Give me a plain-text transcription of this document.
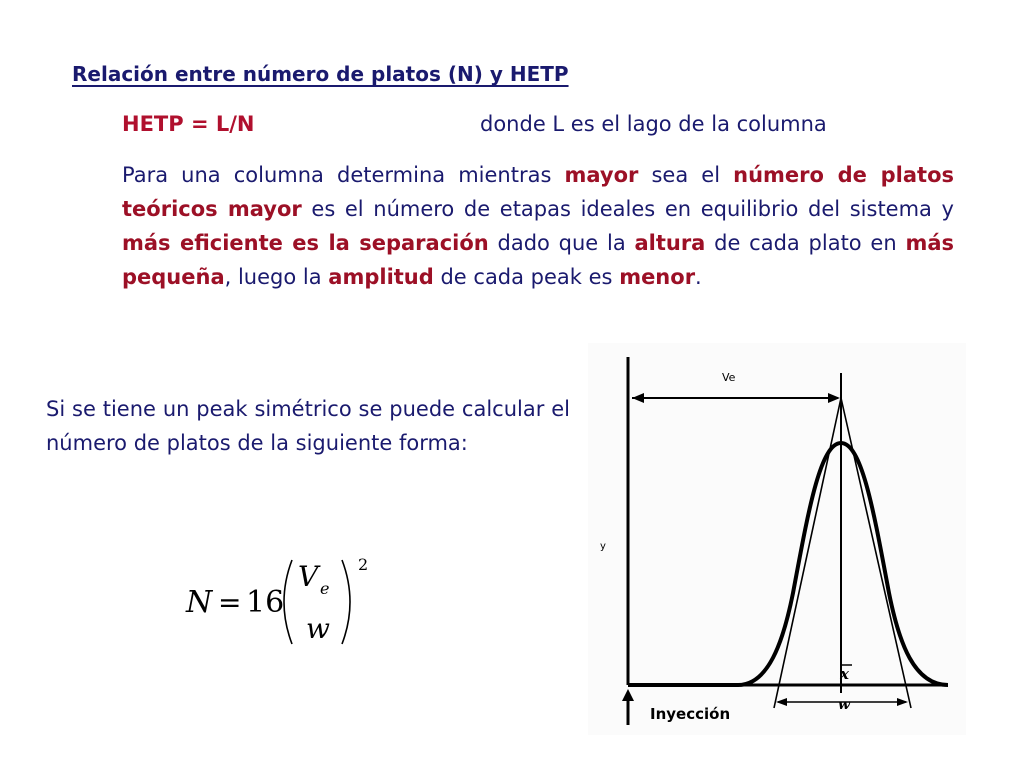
Relación entre número de platos (N) y HETP
HETP = L/N	donde L es el lago de la columna
Para una columna determina mientras mayor sea el número de platos teóricos mayor es el número de etapas ideales en equilibrio del sistema y más eficiente es la separación dado que la altura de cada plato en más pequeña, luego la amplitud de cada peak es menor.
Si se tiene un peak simétrico se puede calcular el número de platos de la siguiente forma:
N = 16
V e
w
2
Ve
y
x
w
Inyección
